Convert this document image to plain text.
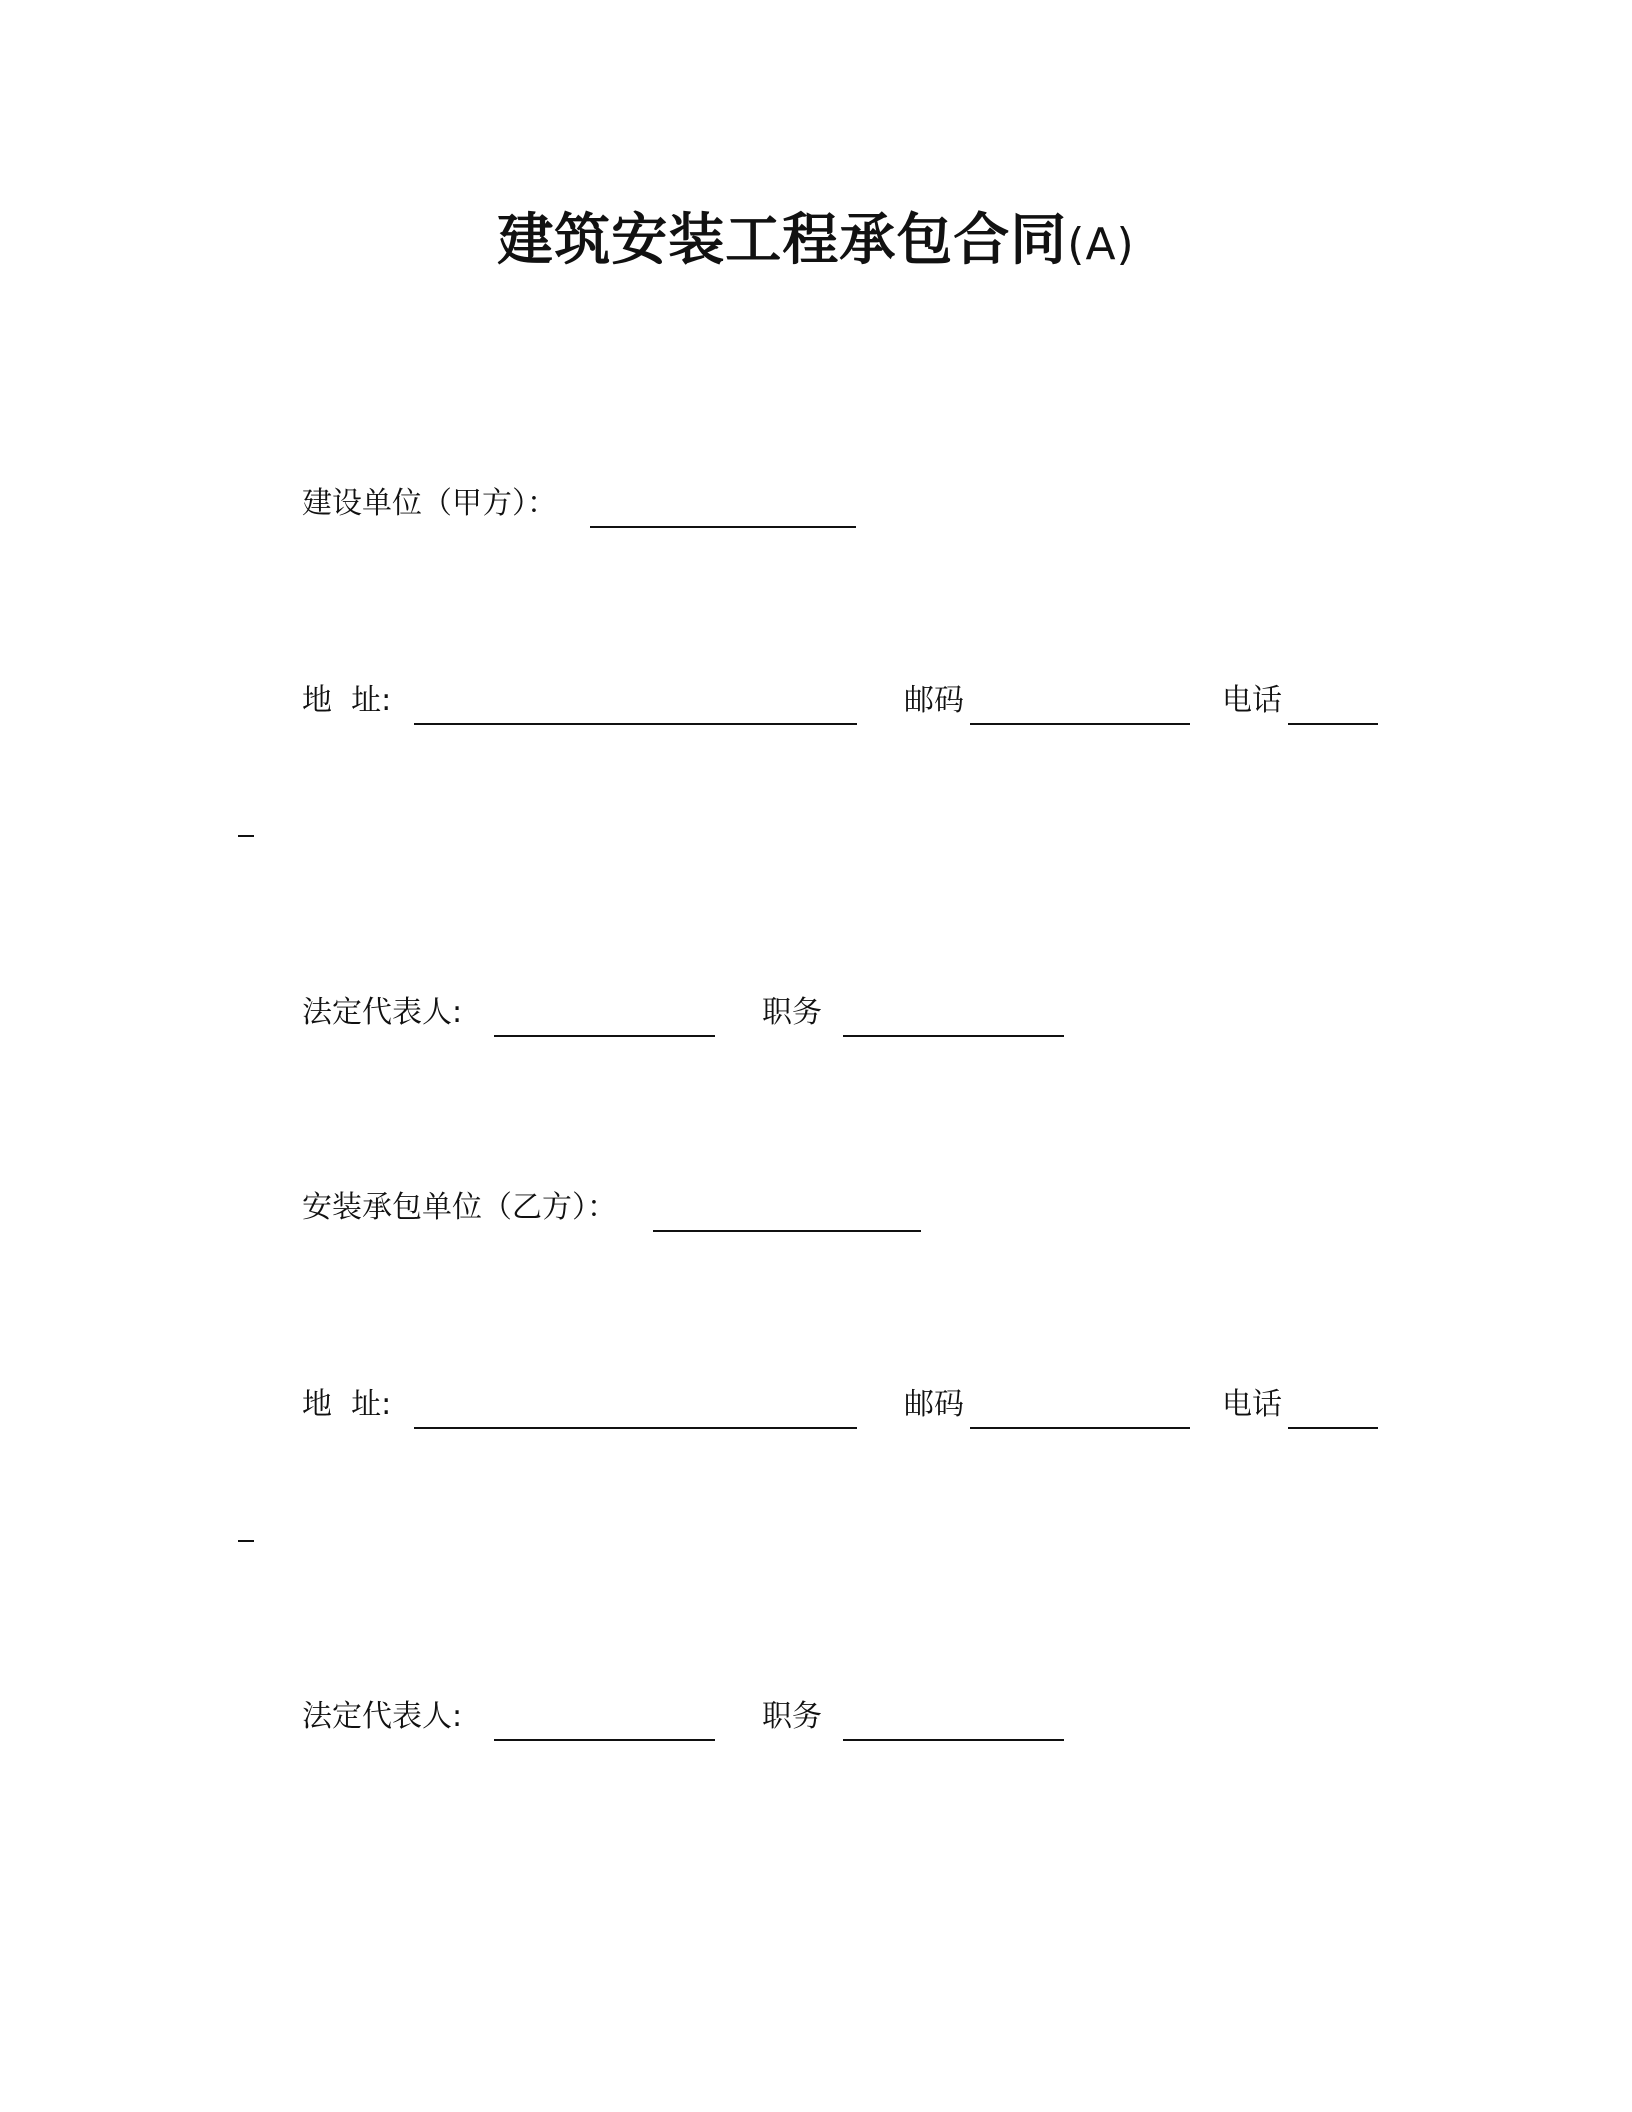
建筑安装工程承包合同(A)
建设单位（甲方）：
地  址:	邮码	电话
法定代表人:	职务
安装承包单位（乙方）：
地  址:	邮码	电话
法定代表人:	职务
